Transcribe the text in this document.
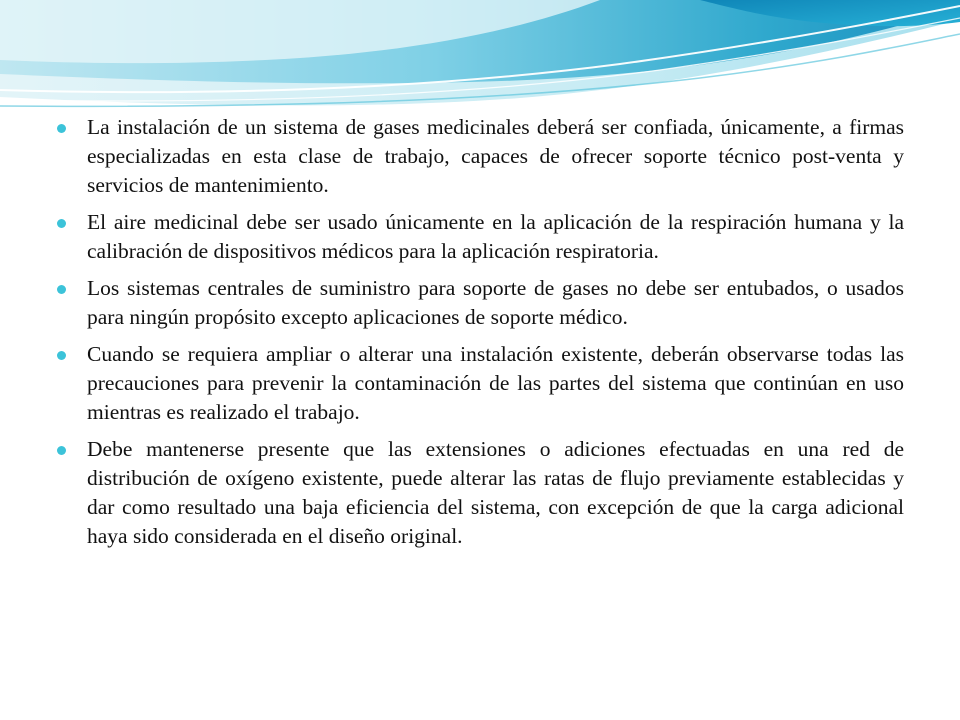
La instalación de un sistema de gases medicinales deberá ser confiada, únicamente, a firmas especializadas en esta clase de trabajo, capaces de ofrecer soporte técnico post-venta y servicios de mantenimiento.
El aire medicinal debe ser usado únicamente en la aplicación de la respiración humana y la calibración de dispositivos médicos para la aplicación respiratoria.
Los sistemas centrales de suministro para soporte de gases no debe ser entubados, o usados para ningún propósito excepto aplicaciones de soporte médico.
Cuando se requiera ampliar o alterar una instalación existente, deberán observarse todas las precauciones para prevenir la contaminación de las partes del sistema que continúan en uso mientras es realizado el trabajo.
Debe mantenerse presente que las extensiones o adiciones efectuadas en una red de distribución de oxígeno existente, puede alterar las ratas de flujo previamente establecidas y dar como resultado una baja eficiencia del sistema, con excepción de que la carga adicional haya sido considerada en el diseño original.
